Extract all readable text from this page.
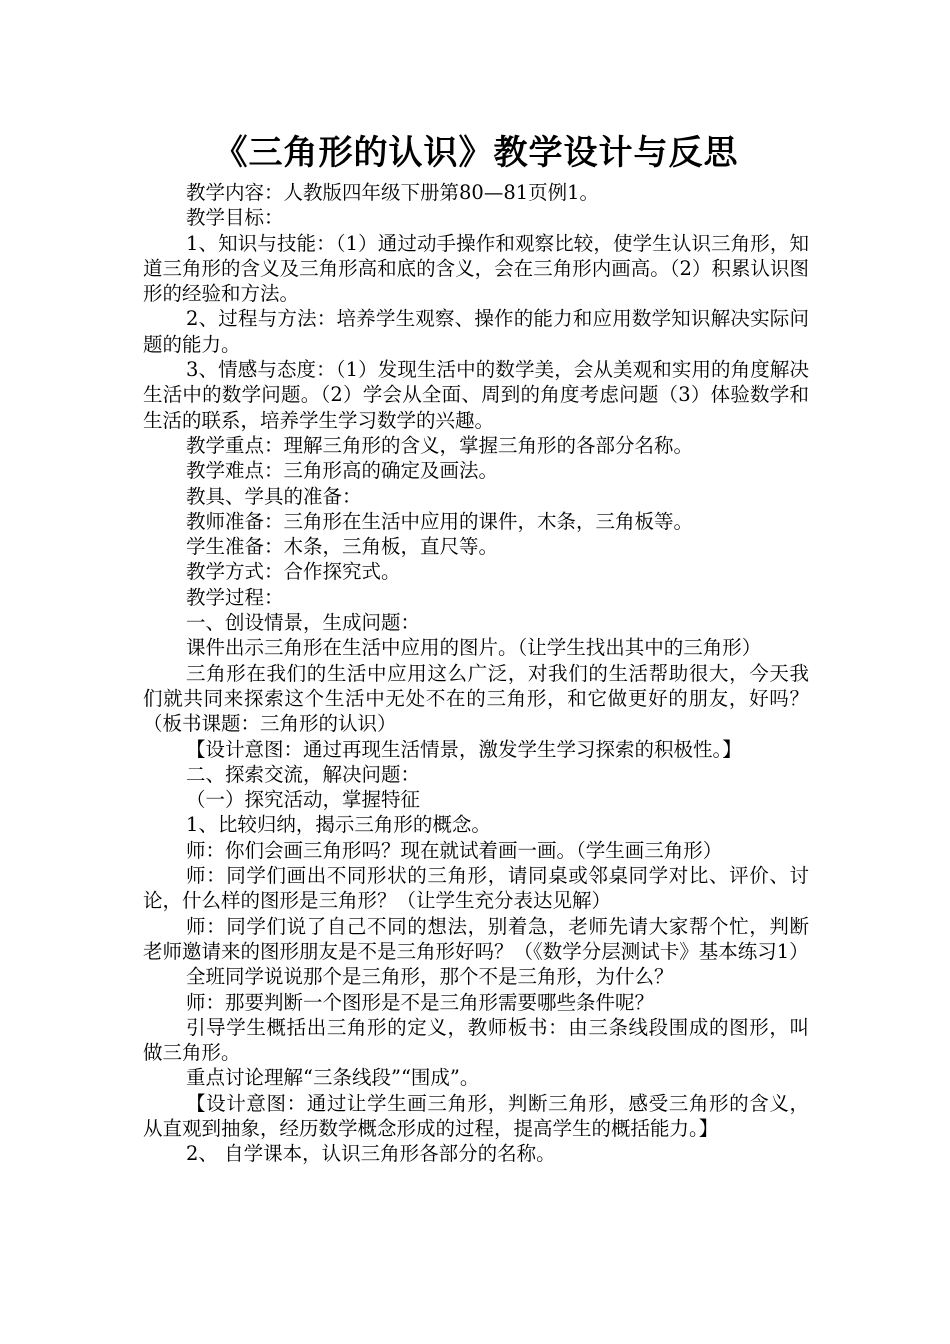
《三角形的认识》教学设计与反思

教学内容：人教版四年级下册第80—81页例1。

教学目标：

1、知识与技能：（1）通过动手操作和观察比较，使学生认识三角形，知道三角形的含义及三角形高和底的含义，会在三角形内画高。（2）积累认识图形的经验和方法。

2、过程与方法：培养学生观察、操作的能力和应用数学知识解决实际问题的能力。

3、情感与态度：（1）发现生活中的数学美，会从美观和实用的角度解决生活中的数学问题。（2）学会从全面、周到的角度考虑问题（3）体验数学和生活的联系，培养学生学习数学的兴趣。

教学重点：理解三角形的含义，掌握三角形的各部分名称。

教学难点：三角形高的确定及画法。

教具、学具的准备：

教师准备：三角形在生活中应用的课件，木条，三角板等。

学生准备：木条，三角板，直尺等。

教学方式：合作探究式。

教学过程：

一、创设情景，生成问题：

课件出示三角形在生活中应用的图片。（让学生找出其中的三角形）

三角形在我们的生活中应用这么广泛，对我们的生活帮助很大，今天我们就共同来探索这个生活中无处不在的三角形，和它做更好的朋友，好吗？（板书课题：三角形的认识）

【设计意图：通过再现生活情景，激发学生学习探索的积极性。】

二、探索交流，解决问题：

（一）探究活动，掌握特征

1、比较归纳，揭示三角形的概念。

师：你们会画三角形吗？现在就试着画一画。（学生画三角形）

师：同学们画出不同形状的三角形，请同桌或邻桌同学对比、评价、讨论，什么样的图形是三角形？（让学生充分表达见解）

师：同学们说了自己不同的想法，别着急，老师先请大家帮个忙，判断老师邀请来的图形朋友是不是三角形好吗？（《数学分层测试卡》基本练习1）

全班同学说说那个是三角形，那个不是三角形，为什么？

师：那要判断一个图形是不是三角形需要哪些条件呢？

引导学生概括出三角形的定义，教师板书：由三条线段围成的图形，叫做三角形。

重点讨论理解“三条线段”“围成”。

【设计意图：通过让学生画三角形，判断三角形，感受三角形的含义，从直观到抽象，经历数学概念形成的过程，提高学生的概括能力。】

2、 自学课本，认识三角形各部分的名称。
